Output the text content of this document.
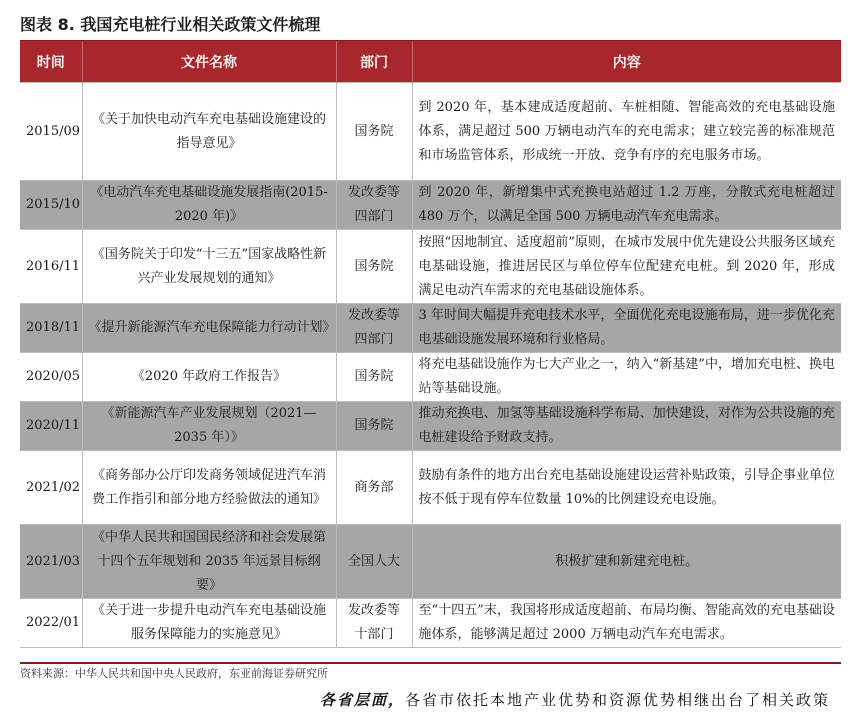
图表 8. 我国充电桩行业相关政策文件梳理
时间	文件名称	部门	内容
2015/09	《关于加快电动汽车充电基础设施建设的指导意见》	国务院	到 2020 年，基本建成适度超前、车桩相随、智能高效的充电基础设施体系，满足超过 500 万辆电动汽车的充电需求；建立较完善的标准规范和市场监管体系，形成统一开放、竞争有序的充电服务市场。
2015/10	《电动汽车充电基础设施发展指南(2015-2020 年)》	发改委等四部门	到 2020 年，新增集中式充换电站超过 1.2 万座，分散式充电桩超过 480 万个，以满足全国 500 万辆电动汽车充电需求。
2016/11	《国务院关于印发“十三五”国家战略性新兴产业发展规划的通知》	国务院	按照“因地制宜、适度超前”原则，在城市发展中优先建设公共服务区域充电基础设施，推进居民区与单位停车位配建充电桩。到 2020 年，形成满足电动汽车需求的充电基础设施体系。
2018/11	《提升新能源汽车充电保障能力行动计划》	发改委等四部门	3 年时间大幅提升充电技术水平，全面优化充电设施布局，进一步优化充电基础设施发展环境和行业格局。
2020/05	《2020 年政府工作报告》	国务院	将充电基础设施作为七大产业之一，纳入“新基建”中，增加充电桩、换电站等基础设施。
2020/11	《新能源汽车产业发展规划（2021—2035 年）》	国务院	推动充换电、加氢等基础设施科学布局、加快建设，对作为公共设施的充电桩建设给予财政支持。
2021/02	《商务部办公厅印发商务领域促进汽车消费工作指引和部分地方经验做法的通知》	商务部	鼓励有条件的地方出台充电基础设施建设运营补贴政策，引导企事业单位按不低于现有停车位数量 10%的比例建设充电设施。
2021/03	《中华人民共和国国民经济和社会发展第十四个五年规划和 2035 年远景目标纲要》	全国人大	积极扩建和新建充电桩。
2022/01	《关于进一步提升电动汽车充电基础设施服务保障能力的实施意见》	发改委等十部门	至“十四五”末，我国将形成适度超前、布局均衡、智能高效的充电基础设施体系，能够满足超过 2000 万辆电动汽车充电需求。
资料来源：中华人民共和国中央人民政府，东亚前海证券研究所
各省层面，各省市依托本地产业优势和资源优势相继出台了相关政策
